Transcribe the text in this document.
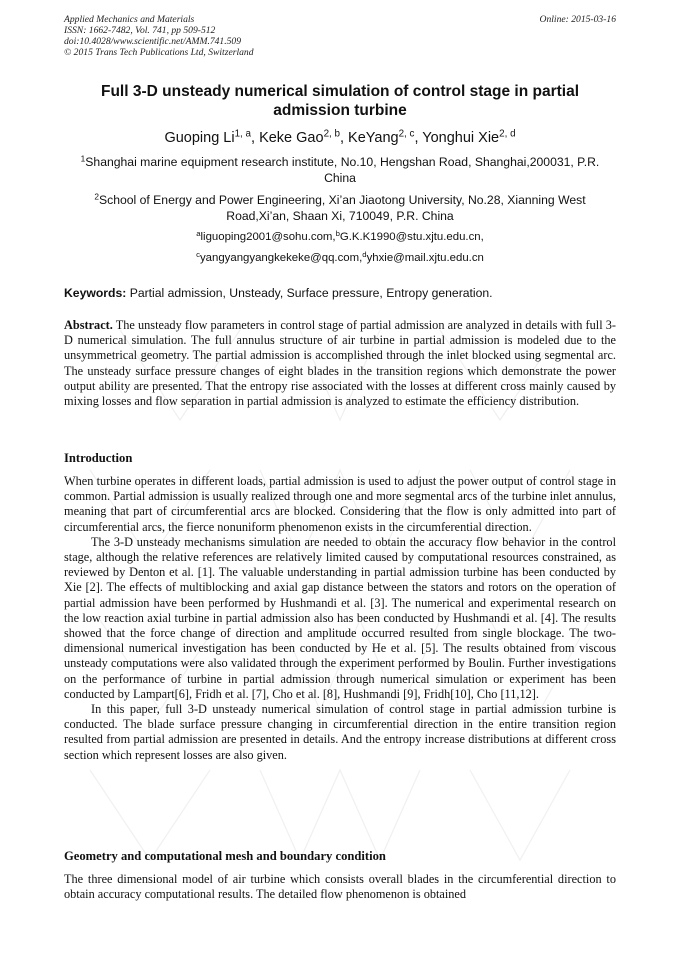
Applied Mechanics and Materials
ISSN: 1662-7482, Vol. 741, pp 509-512
doi:10.4028/www.scientific.net/AMM.741.509
© 2015 Trans Tech Publications Ltd, Switzerland
Online: 2015-03-16
Full 3-D unsteady numerical simulation of control stage in partial admission turbine
Guoping Li$^{1, a}$, Keke Gao$^{2, b}$, KeYang$^{2, c}$, Yonghui Xie$^{2, d}$
$^1$Shanghai marine equipment research institute, No.10, Hengshan Road, Shanghai,200031, P.R. China
$^2$School of Energy and Power Engineering, Xi’an Jiaotong University, No.28, Xianning West Road,Xi’an, Shaan Xi, 710049, P.R. China
$^a$liguoping2001@sohu.com,$^b$G.K.K1990@stu.xjtu.edu.cn,
$^c$yangyangyangkekeke@qq.com,$^d$yhxie@mail.xjtu.edu.cn
Keywords: Partial admission, Unsteady, Surface pressure, Entropy generation.

Abstract. The unsteady flow parameters in control stage of partial admission are analyzed in details with full 3-D numerical simulation. The full annulus structure of air turbine in partial admission is modeled due to the unsymmetrical geometry. The partial admission is accomplished through the inlet blocked using segmental arc. The unsteady surface pressure changes of eight blades in the transition regions which demonstrate the power output ability are presented. That the entropy rise associated with the losses at different cross mainly caused by mixing losses and flow separation in partial admission is analyzed to estimate the efficiency distribution.

Introduction

When turbine operates in different loads, partial admission is used to adjust the power output of control stage in common. Partial admission is usually realized through one and more segmental arcs of the turbine inlet annulus, meaning that part of circumferential arcs are blocked. Considering that the flow is only admitted into part of circumferential arcs, the fierce nonuniform phenomenon exists in the circumferential direction.

The 3-D unsteady mechanisms simulation are needed to obtain the accuracy flow behavior in the control stage, although the relative references are relatively limited caused by computational resources constrained, as reviewed by Denton et al. [1]. The valuable understanding in partial admission turbine has been conducted by Xie [2]. The effects of multiblocking and axial gap distance between the stators and rotors on the operation of partial admission have been performed by Hushmandi et al. [3]. The numerical and experimental research on the low reaction axial turbine in partial admission also has been conducted by Hushmandi et al. [4]. The results showed that the force change of direction and amplitude occurred resulted from single blockage. The two-dimensional numerical investigation has been conducted by He et al. [5]. The results obtained from viscous unsteady computations were also validated through the experiment performed by Boulin. Further investigations on the performance of turbine in partial admission through numerical simulation or experiment has been conducted by Lampart[6], Fridh et al. [7], Cho et al. [8], Hushmandi [9], Fridh[10], Cho [11,12].

In this paper, full 3-D unsteady numerical simulation of control stage in partial admission turbine is conducted. The blade surface pressure changing in circumferential direction in the entire transition region resulted from partial admission are presented in details. And the entropy increase distributions at different cross section which represent losses are also given.

Geometry and computational mesh and boundary condition

The three dimensional model of air turbine which consists overall blades in the circumferential direction to obtain accuracy computational results. The detailed flow phenomenon is obtained
